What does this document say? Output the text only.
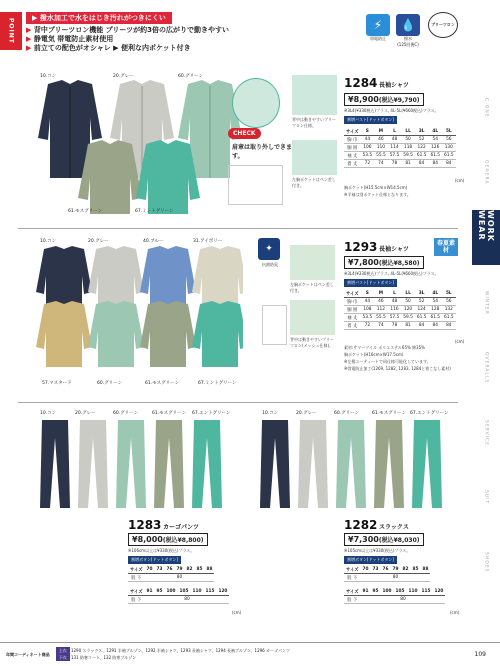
POINT
▶ 撥水加工で水をはじき汚れがつきにくい
▶ 背中プリーツロン機能 プリーツが約3倍の広がりで動きやすい
▶ 静電気 帯電防止素材使用
▶ 前立ての配色がオシャレ ▶ 便利な内ポケット付き
⚡
帯電防止
💧
撥水
(125回後C)
プリーツロン
C-ONE
GENERA
WORK WEAR
WINTER
OVERALLS
SERVICE
SUIT
SHOES
10.コン	20.グレー	60.グリーン
61.モスグリーン	67.ミントグリーン
CHECK
肩章は取り外しできます。
背中は動きやすいプリーツロン仕様。
左胸ポケットはペン差し付き。
1284 長袖シャツ
¥8,900(税込¥9,790)
※3L4(¥330税込)プラス, 4L-5L(¥660税込)プラス。
割増バスト[ドットボタン]
サイズ	S	M	L	LL	3L	4L	5L
胸 巾	44	46	48	50	52	54	56
胴 囲	106	110	114	118	122	126	130
袖 丈	53.5	55.5	57.5	59.5	61.5	61.5	61.5
着 丈	72	74	78	81	84	84	84
(cm)
胸ポケット(H15.5cm×W14.5cm)
※半袖は別ポケット仕様となります。
10.コン	20.グレー	40.ブルー	31.アイボリー
57.マスタード	60.グリーン	61.モスグリーン	67.ミントグリーン
✦
抗菌防臭
左胸ポケットはペン差し付き。
背中は動きやすいプリーツロン(メッシュ仕様)。
1293 長袖シャツ
春夏素材
¥7,800(税込¥8,580)
※3L4(¥330税込)プラス, 4L-5L(¥660税込)プラス。
割増バスト[ドットボタン]
サイズ	S	M	L	LL	3L	4L	5L
胸 巾	44	46	48	50	52	54	56
胴 囲	108	112	116	120	124	128	132
袖 丈	53.5	55.5	57.5	59.5	61.5	61.5	61.5
着 丈	72	74	78	81	84	84	84
(cm)
素材:サマーツイル ポリエステル65% 綿35%
胸ポケット(H16cm×W17.5cm)
※左撥ユーティートで同仕様可能化しています。
※帯電防止加工(1269, 1282, 1283, 1284と着こなし素材)
10.コン	20.グレー	60.グリーン	61.モスグリーン 67.エントグリーン
1283 カーゴパンツ
¥8,000(税込¥8,800)
※106cm以上は¥330(税込)プラス。
割増ボタン[ドットボタン]
サイズ	70	73	76	79	82	85	88
股 下	80						
サイズ	91	95	100	105	110	115	120
股 下	80						
(cm)
10.コン	20.グレー	60.グリーン	61.モスグリーン 67.エントグリーン
1282 スラックス
¥7,300(税込¥8,030)
※105cm以上は¥330(税込)プラス。
割増ボタン[ドットボタン]
サイズ	70	73	76	79	82	85	88
股 下	80						
サイズ	91	95	100	105	110	115	120
股 下	80						
(cm)
年間コーディネート商品
上衣 1290 スラックス、1291 半袖ブルゾン、1292 半袖シャツ、1293 長袖シャツ、1294 長袖ブルゾン、1296 カーゴパンツ
下衣 131 防寒コート、132 防寒ブルゾン	109
